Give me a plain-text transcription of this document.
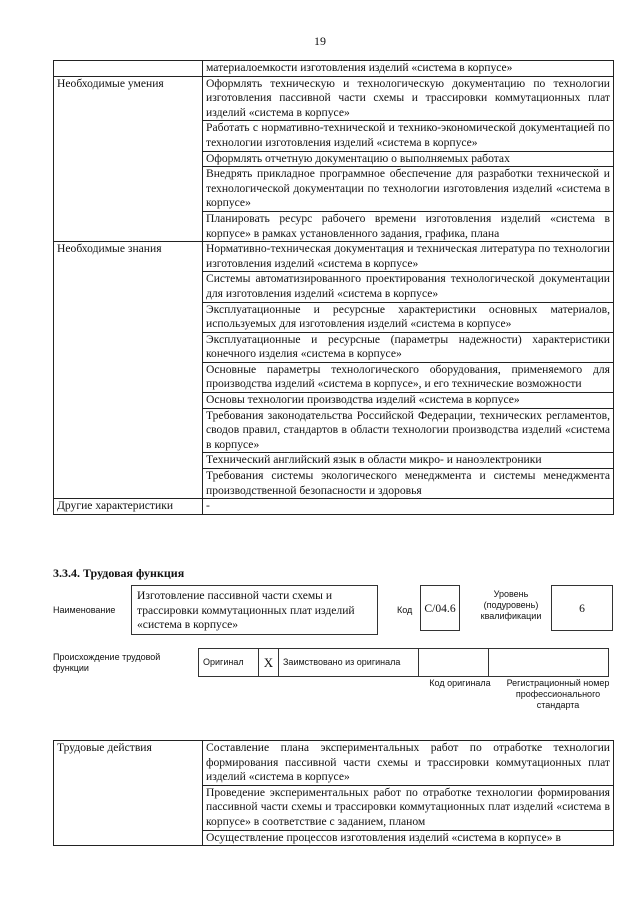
19
	материалоемкости изготовления изделий «система в корпусе»
Необходимые умения	Оформлять техническую и технологическую документацию по технологии изготовления пассивной части схемы и трассировки коммутационных плат изделий «система в корпусе»
	Работать с нормативно-технической и технико-экономической документацией по технологии изготовления изделий «система в корпусе»
	Оформлять отчетную документацию о выполняемых работах
	Внедрять прикладное программное обеспечение для разработки технической и технологической документации по технологии изготовления изделий «система в корпусе»
	Планировать ресурс рабочего времени изготовления изделий «система в корпусе» в рамках установленного задания, графика, плана
Необходимые знания	Нормативно-техническая документация и техническая литература по технологии изготовления изделий «система в корпусе»
	Системы автоматизированного проектирования технологической документации для изготовления изделий «система в корпусе»
	Эксплуатационные и ресурсные характеристики основных материалов, используемых для изготовления изделий «система в корпусе»
	Эксплуатационные и ресурсные (параметры надежности) характеристики конечного изделия «система в корпусе»
	Основные параметры технологического оборудования, применяемого для производства изделий «система в корпусе», и его технические возможности
	Основы технологии производства изделий «система в корпусе»
	Требования законодательства Российской Федерации, технических регламентов, сводов правил, стандартов в области технологии производства изделий «система в корпусе»
	Технический английский язык в области микро- и наноэлектроники
	Требования системы экологического менеджмента и системы менеджмента производственной безопасности и здоровья
Другие характеристики	-
3.3.4. Трудовая функция
Наименование
Изготовление пассивной части схемы и трассировки коммутационных плат изделий «система в корпусе»
Код	C/04.6
Уровень (подуровень) квалификации
6
Происхождение трудовой функции
Оригинал	X	Заимствовано из оригинала		
Код оригинала	Регистрационный номер профессионального стандарта
Трудовые действия	Составление плана экспериментальных работ по отработке технологии формирования пассивной части схемы и трассировки коммутационных плат изделий «система в корпусе»
Проведение экспериментальных работ по отработке технологии формирования пассивной части схемы и трассировки коммутационных плат изделий «система в корпусе» в соответствие с заданием, планом
Осуществление процессов изготовления изделий «система в корпусе» в
